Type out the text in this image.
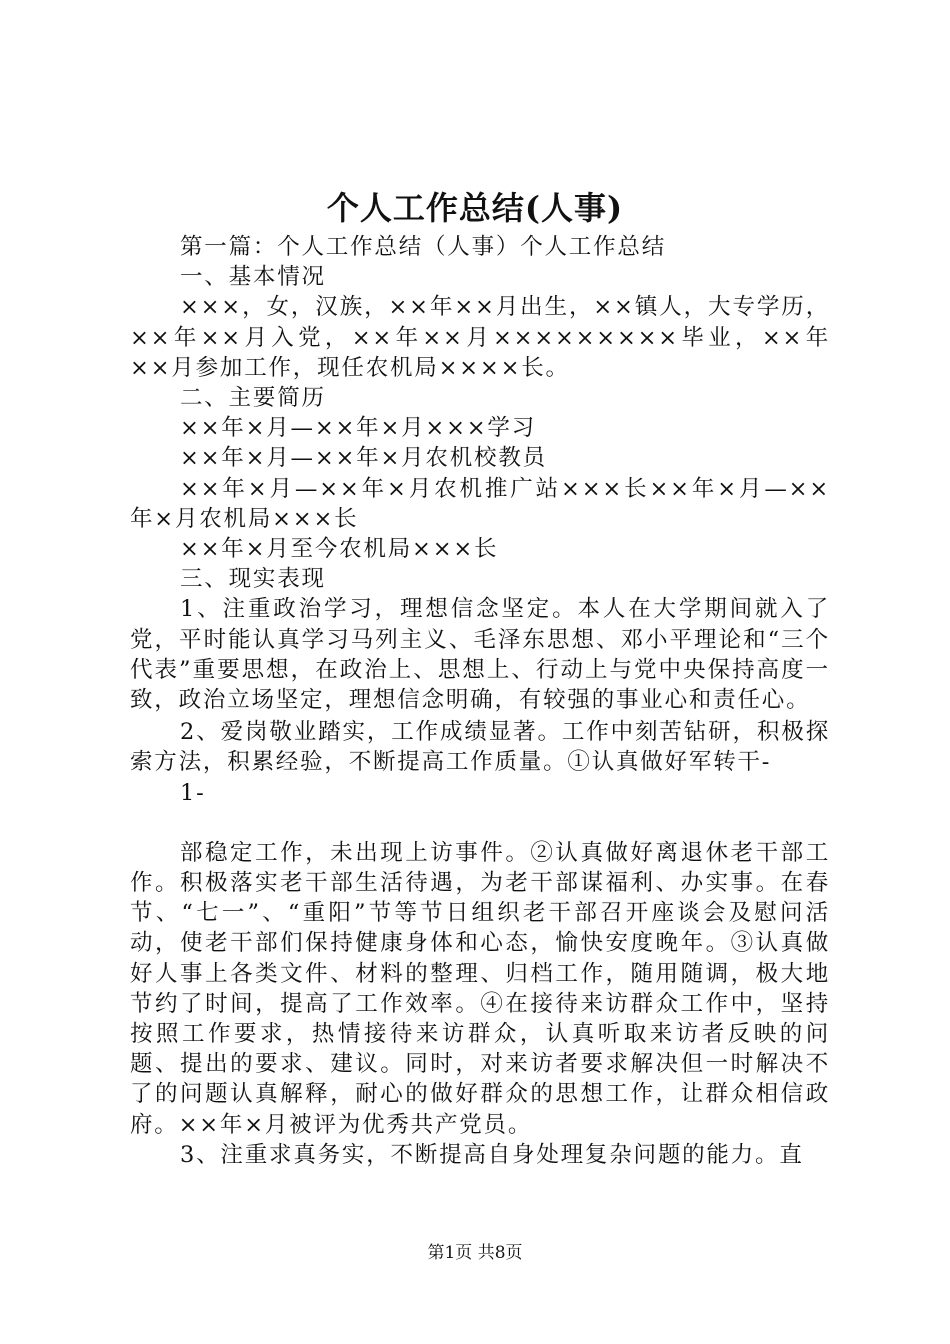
个人工作总结(人事)

第一篇：个人工作总结（人事）个人工作总结

一、基本情况

×××，女，汉族，××年××月出生，××镇人，大专学历，××年××月入党，××年××月×××××××××毕业，××年××月参加工作，现任农机局××××长。

二、主要简历

××年×月—××年×月×××学习

××年×月—××年×月农机校教员

××年×月—××年×月农机推广站×××长××年×月—××年×月农机局×××长

××年×月至今农机局×××长

三、现实表现

1、注重政治学习，理想信念坚定。本人在大学期间就入了党，平时能认真学习马列主义、毛泽东思想、邓小平理论和“三个代表”重要思想，在政治上、思想上、行动上与党中央保持高度一致，政治立场坚定，理想信念明确，有较强的事业心和责任心。

2、爱岗敬业踏实，工作成绩显著。工作中刻苦钻研，积极探索方法，积累经验，不断提高工作质量。①认真做好军转干-

1-

部稳定工作，未出现上访事件。②认真做好离退休老干部工作。积极落实老干部生活待遇，为老干部谋福利、办实事。在春节、“七一”、“重阳”节等节日组织老干部召开座谈会及慰问活动，使老干部们保持健康身体和心态，愉快安度晚年。③认真做好人事上各类文件、材料的整理、归档工作，随用随调，极大地节约了时间，提高了工作效率。④在接待来访群众工作中，坚持按照工作要求，热情接待来访群众，认真听取来访者反映的问题、提出的要求、建议。同时，对来访者要求解决但一时解决不了的问题认真解释，耐心的做好群众的思想工作，让群众相信政府。××年×月被评为优秀共产党员。

3、注重求真务实，不断提高自身处理复杂问题的能力。直

第1页 共8页
